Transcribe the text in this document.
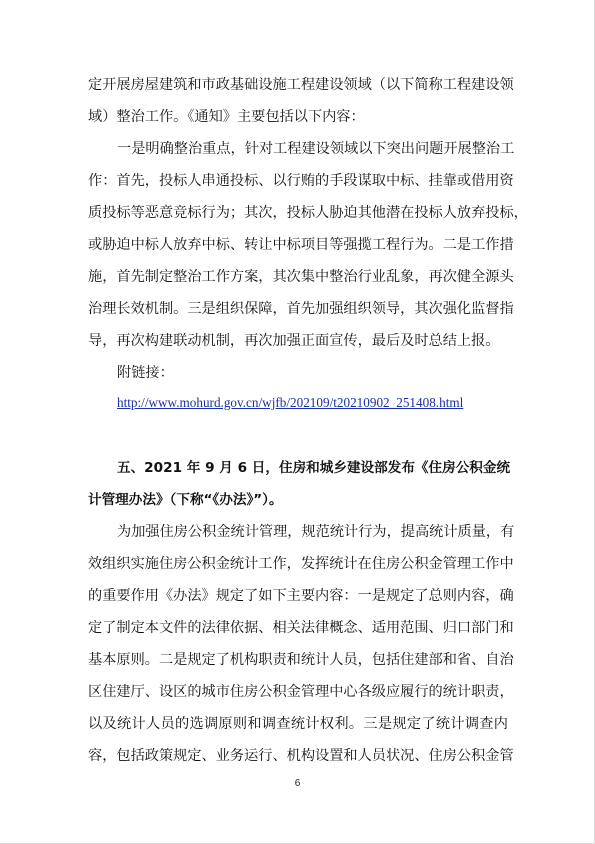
定开展房屋建筑和市政基础设施工程建设领域（以下简称工程建设领
域）整治工作。《通知》主要包括以下内容：
一是明确整治重点，针对工程建设领域以下突出问题开展整治工
作：首先，投标人串通投标、以行贿的手段谋取中标、挂靠或借用资
质投标等恶意竞标行为；其次，投标人胁迫其他潜在投标人放弃投标，
或胁迫中标人放弃中标、转让中标项目等强揽工程行为。二是工作措
施，首先制定整治工作方案，其次集中整治行业乱象，再次健全源头
治理长效机制。三是组织保障，首先加强组织领导，其次强化监督指
导，再次构建联动机制，再次加强正面宣传，最后及时总结上报。
附链接：
http://www.mohurd.gov.cn/wjfb/202109/t20210902_251408.html
五、2021 年 9 月 6 日，住房和城乡建设部发布《住房公积金统
计管理办法》（下称“《办法》”）。
为加强住房公积金统计管理，规范统计行为，提高统计质量，有
效组织实施住房公积金统计工作，发挥统计在住房公积金管理工作中
的重要作用《办法》规定了如下主要内容：一是规定了总则内容，确
定了制定本文件的法律依据、相关法律概念、适用范围、归口部门和
基本原则。二是规定了机构职责和统计人员，包括住建部和省、自治
区住建厅、设区的城市住房公积金管理中心各级应履行的统计职责，
以及统计人员的选调原则和调查统计权利。三是规定了统计调查内
容，包括政策规定、业务运行、机构设置和人员状况、住房公积金管
6
